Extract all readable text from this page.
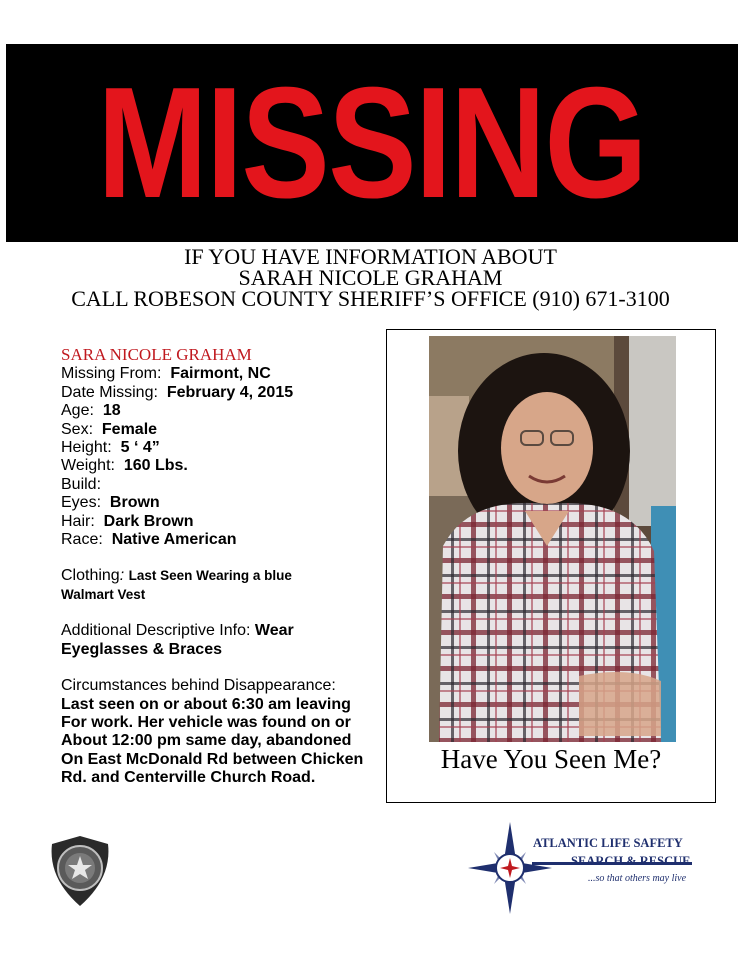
MISSING
IF YOU HAVE INFORMATION ABOUT
SARAH NICOLE GRAHAM
CALL ROBESON COUNTY SHERIFF’S OFFICE (910) 671-3100
SARA NICOLE GRAHAM
Missing From: Fairmont, NC
Date Missing: February 4, 2015
Age: 18
Sex: Female
Height: 5 ‘ 4”
Weight: 160 Lbs.
Build:
Eyes: Brown
Hair: Dark Brown
Race: Native American
Clothing: Last Seen Wearing a blue
Walmart Vest
Additional Descriptive Info: Wear
Eyeglasses & Braces
Circumstances behind Disappearance:
Last seen on or about 6:30 am leaving
For work. Her vehicle was found on or
About 12:00 pm same day, abandoned
On East McDonald Rd between Chicken
Rd. and Centerville Church Road.
Have You Seen Me?
ATLANTIC LIFE SAFETY
SEARCH & RESCUE
...so that others may live
